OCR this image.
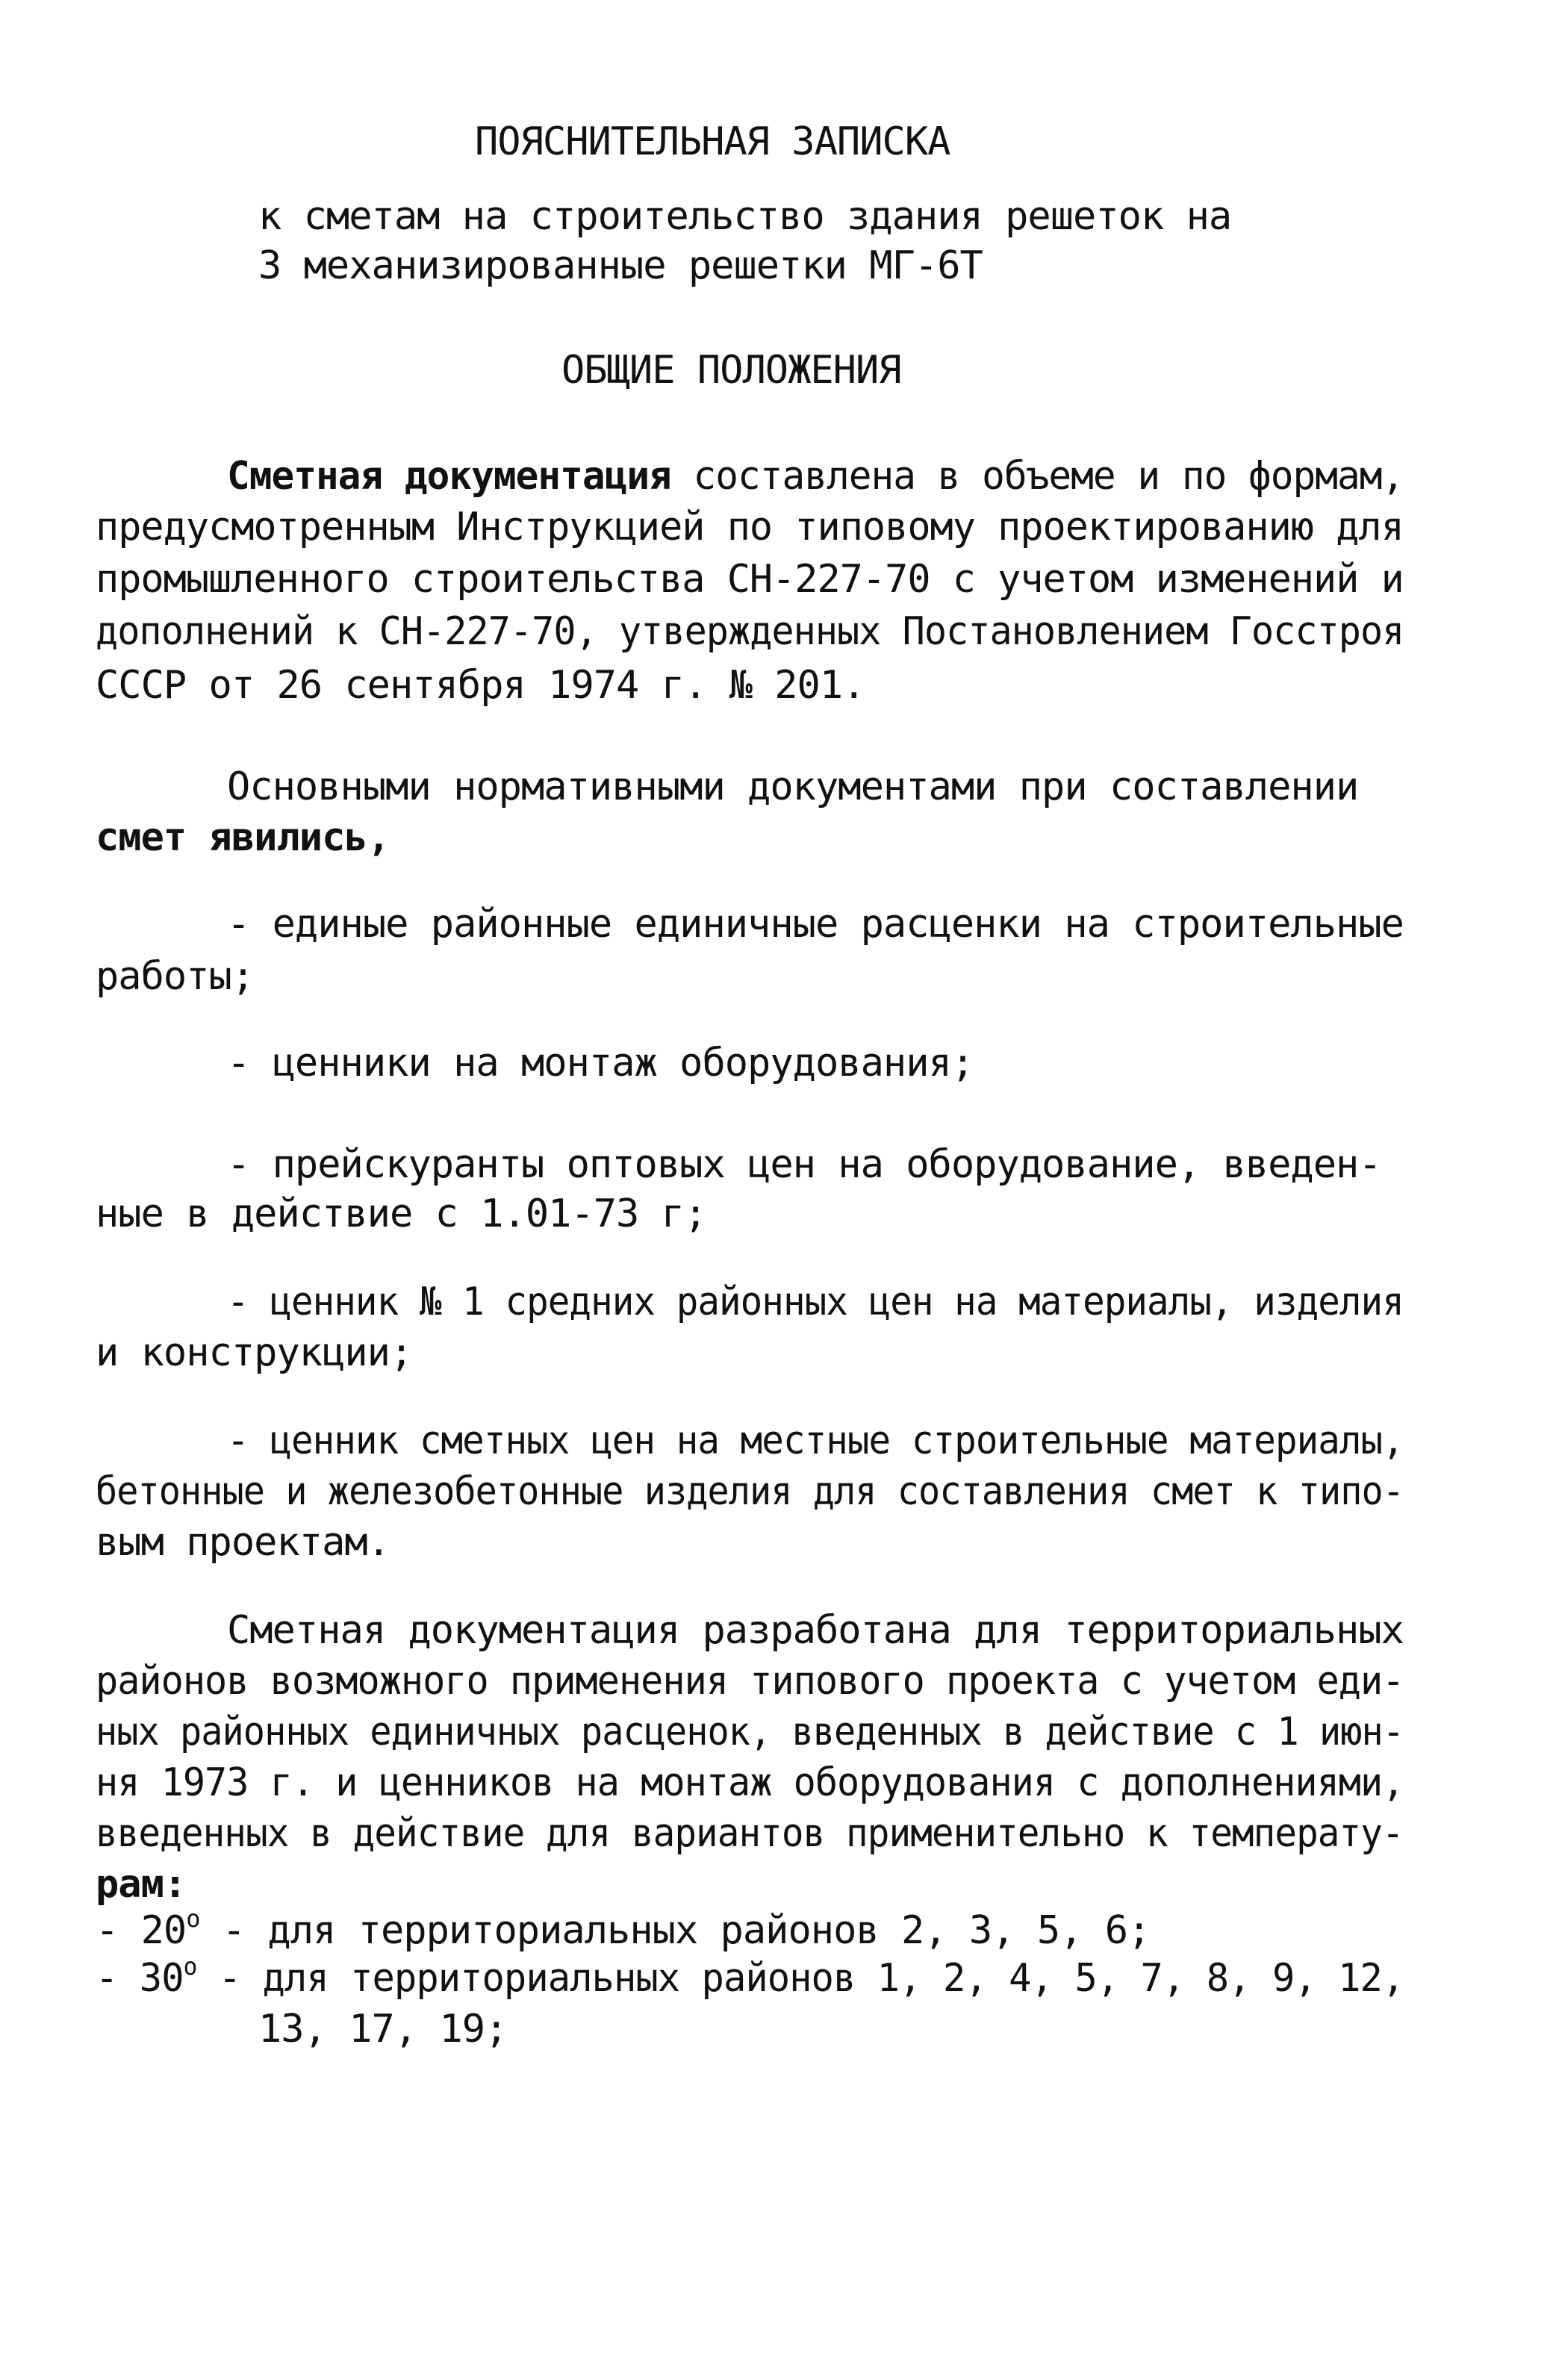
ПОЯСНИТЕЛЬНАЯ ЗАПИСКА
к сметам на строительство здания решеток на
3 механизированные решетки МГ-6Т
ОБЩИЕ ПОЛОЖЕНИЯ
Сметная документация составлена в объеме и по формам,
предусмотренным Инструкцией по типовому проектированию для
промышленного строительства СН-227-70 с учетом изменений и
дополнений к СН-227-70, утвержденных Постановлением Госстроя
СССР от 26 сентября 1974 г. № 201.
Основными нормативными документами при составлении
смет явились,
- единые районные единичные расценки на строительные
работы;
- ценники на монтаж оборудования;
- прейскуранты оптовых цен на оборудование, введен-
ные в действие с 1.01-73 г;
- ценник № 1 средних районных цен на материалы, изделия
и конструкции;
- ценник сметных цен на местные строительные материалы,
бетонные и железобетонные изделия для составления смет к типо-
вым проектам.
Сметная документация разработана для территориальных
районов возможного применения типового проекта с учетом еди-
ных районных единичных расценок, введенных в действие с 1 июн-
ня 1973 г. и ценников на монтаж оборудования с дополнениями,
введенных в действие для вариантов применительно к температу-
рам:
- $20^о$ - для территориальных районов 2, 3, 5, 6;
- $30^о$ - для территориальных районов 1, 2, 4, 5, 7, 8, 9, 12,
13, 17, 19;
